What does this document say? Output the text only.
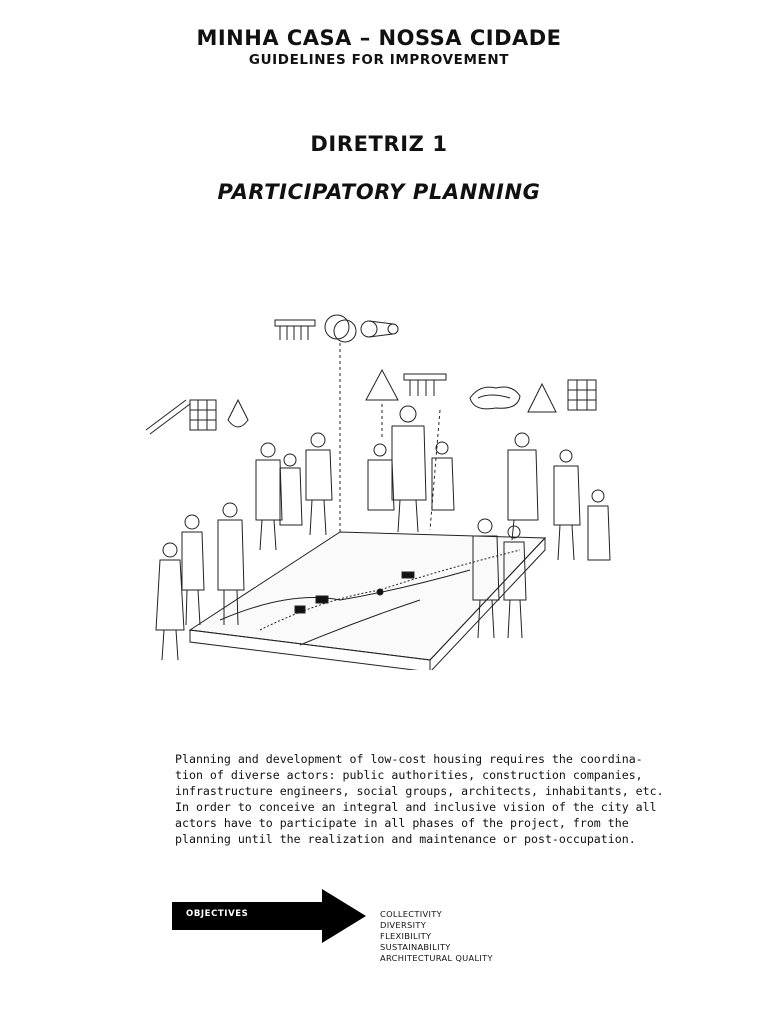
MINHA CASA – NOSSA CIDADE
GUIDELINES FOR IMPROVEMENT
DIRETRIZ 1
PARTICIPATORY PLANNING

Planning and development of low-cost housing requires the coordina-
tion of diverse actors: public authorities, construction companies,
infrastructure engineers, social groups, architects, inhabitants, etc.
In order to conceive an integral and inclusive vision of the city all
actors have to participate in all phases of the project, from the
planning until the realization and maintenance or post-occupation.

OBJECTIVES	COLLECTIVITY
DIVERSITY
FLEXIBILITY
SUSTAINABILITY
ARCHITECTURAL QUALITY
